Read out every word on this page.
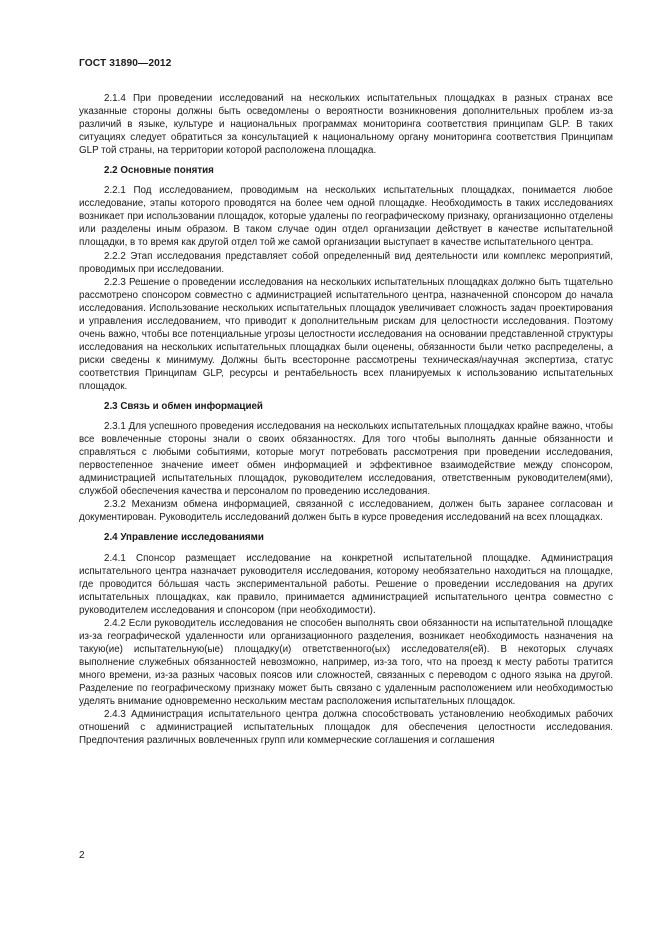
ГОСТ 31890—2012

2.1.4 При проведении исследований на нескольких испытательных площадках в разных странах все указанные стороны должны быть осведомлены о вероятности возникновения дополнительных проблем из-за различий в языке, культуре и национальных программах мониторинга соответствия принципам GLP. В таких ситуациях следует обратиться за консультацией к национальному органу мониторинга соответствия Принципам GLP той страны, на территории которой расположена площадка.

2.2 Основные понятия

2.2.1 Под исследованием, проводимым на нескольких испытательных площадках, понимается любое исследование, этапы которого проводятся на более чем одной площадке. Необходимость в таких исследованиях возникает при использовании площадок, которые удалены по географическому признаку, организационно отделены или разделены иным образом. В таком случае один отдел организации действует в качестве испытательной площадки, в то время как другой отдел той же самой организации выступает в качестве испытательного центра.

2.2.2 Этап исследования представляет собой определенный вид деятельности или комплекс мероприятий, проводимых при исследовании.

2.2.3 Решение о проведении исследования на нескольких испытательных площадках должно быть тщательно рассмотрено спонсором совместно с администрацией испытательного центра, назначенной спонсором до начала исследования. Использование нескольких испытательных площадок увеличивает сложность задач проектирования и управления исследованием, что приводит к дополнительным рискам для целостности исследования. Поэтому очень важно, чтобы все потенциальные угрозы целостности исследования на основании представленной структуры исследования на нескольких испытательных площадках были оценены, обязанности были четко распределены, а риски сведены к минимуму. Должны быть всесторонне рассмотрены техническая/научная экспертиза, статус соответствия Принципам GLP, ресурсы и рентабельность всех планируемых к использованию испытательных площадок.

2.3 Связь и обмен информацией

2.3.1 Для успешного проведения исследования на нескольких испытательных площадках крайне важно, чтобы все вовлеченные стороны знали о своих обязанностях. Для того чтобы выполнять данные обязанности и справляться с любыми событиями, которые могут потребовать рассмотрения при проведении исследования, первостепенное значение имеет обмен информацией и эффективное взаимодействие между спонсором, администрацией испытательных площадок, руководителем исследования, ответственным руководителем(ями), службой обеспечения качества и персоналом по проведению исследования.

2.3.2 Механизм обмена информацией, связанной с исследованием, должен быть заранее согласован и документирован. Руководитель исследований должен быть в курсе проведения исследований на всех площадках.

2.4 Управление исследованиями

2.4.1 Спонсор размещает исследование на конкретной испытательной площадке. Администрация испытательного центра назначает руководителя исследования, которому необязательно находиться на площадке, где проводится бо́льшая часть экспериментальной работы. Решение о проведении исследования на других испытательных площадках, как правило, принимается администрацией испытательного центра совместно с руководителем исследования и спонсором (при необходимости).

2.4.2 Если руководитель исследования не способен выполнять свои обязанности на испытательной площадке из-за географической удаленности или организационного разделения, возникает необходимость назначения на такую(ие) испытательную(ые) площадку(и) ответственного(ых) исследователя(ей). В некоторых случаях выполнение служебных обязанностей невозможно, например, из-за того, что на проезд к месту работы тратится много времени, из-за разных часовых поясов или сложностей, связанных с переводом с одного языка на другой. Разделение по географическому признаку может быть связано с удаленным расположением или необходимостью уделять внимание одновременно нескольким местам расположения испытательных площадок.

2.4.3 Администрация испытательного центра должна способствовать установлению необходимых рабочих отношений с администрацией испытательных площадок для обеспечения целостности исследования. Предпочтения различных вовлеченных групп или коммерческие соглашения и соглашения

2
